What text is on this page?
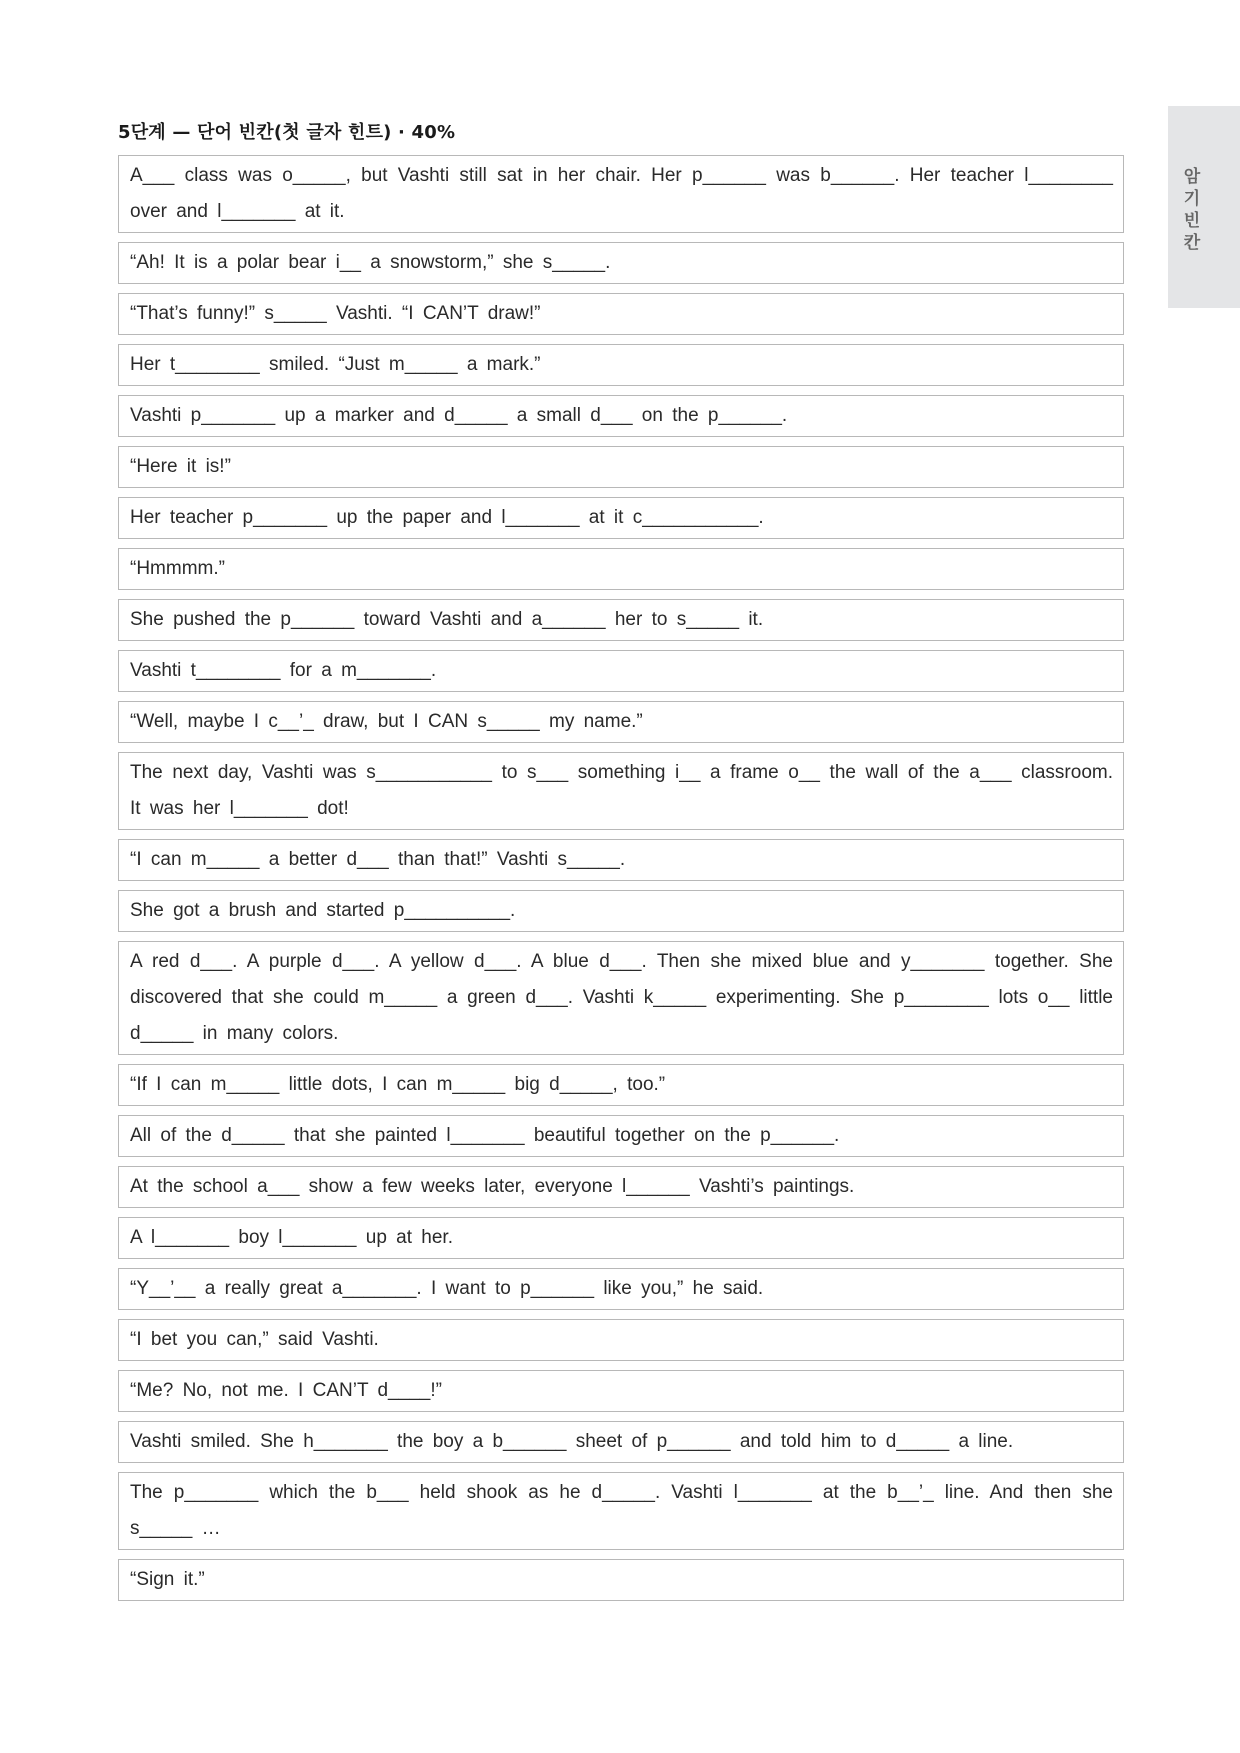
5단계 — 단어 빈칸(첫 글자 힌트) · 40%
암기빈칸
A___ class was o_____, but Vashti still sat in her chair. Her p______ was b______. Her teacher l________ over and l_______ at it.
“Ah! It is a polar bear i__ a snowstorm,” she s_____.
“That’s funny!” s_____ Vashti. “I CAN’T draw!”
Her t________ smiled. “Just m_____ a mark.”
Vashti p_______ up a marker and d_____ a small d___ on the p______.
“Here it is!”
Her teacher p_______ up the paper and l_______ at it c___________.
“Hmmmm.”
She pushed the p______ toward Vashti and a______ her to s_____ it.
Vashti t________ for a m_______.
“Well, maybe I c__’_ draw, but I CAN s_____ my name.”
The next day, Vashti was s___________ to s___ something i__ a frame o__ the wall of the a___ classroom. It was her l_______ dot!
“I can m_____ a better d___ than that!” Vashti s_____.
She got a brush and started p__________.
A red d___. A purple d___. A yellow d___. A blue d___. Then she mixed blue and y_______ together. She discovered that she could m_____ a green d___. Vashti k_____ experimenting. She p________ lots o__ little d_____ in many colors.
“If I can m_____ little dots, I can m_____ big d_____, too.”
All of the d_____ that she painted l_______ beautiful together on the p______.
At the school a___ show a few weeks later, everyone l______ Vashti’s paintings.
A l_______ boy l_______ up at her.
“Y__’__ a really great a_______. I want to p______ like you,” he said.
“I bet you can,” said Vashti.
“Me? No, not me. I CAN’T d____!”
Vashti smiled. She h_______ the boy a b______ sheet of p______ and told him to d_____ a line.
The p_______ which the b___ held shook as he d_____. Vashti l_______ at the b__’_ line. And then she s_____ …
“Sign it.”
